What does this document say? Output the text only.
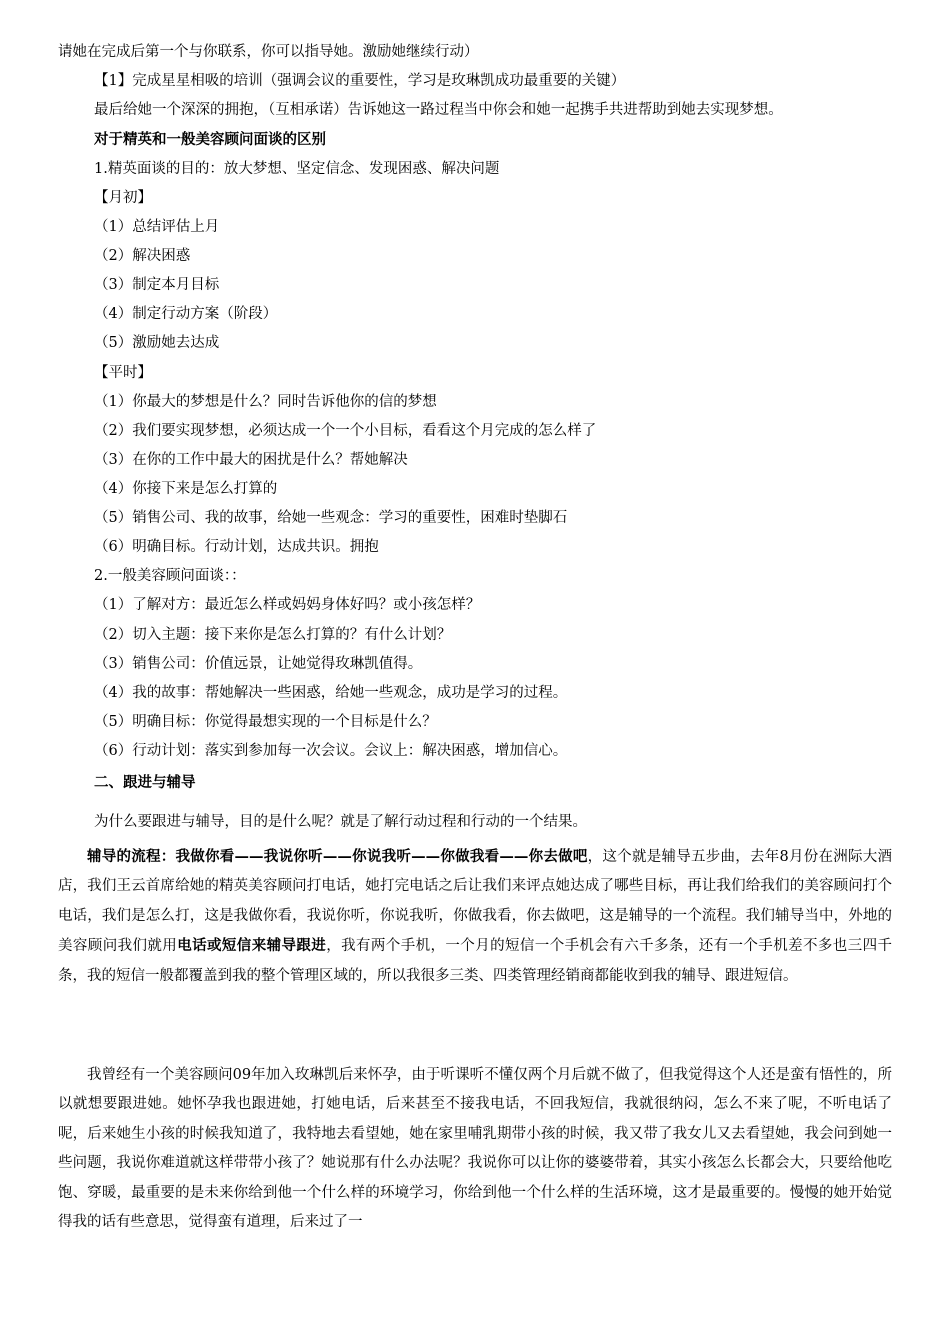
请她在完成后第一个与你联系，你可以指导她。激励她继续行动）
【1】完成星星相吸的培训（强调会议的重要性，学习是玫琳凯成功最重要的关键）
最后给她一个深深的拥抱，（互相承诺）告诉她这一路过程当中你会和她一起携手共进帮助到她去实现梦想。
对于精英和一般美容顾问面谈的区别
1.精英面谈的目的：放大梦想、坚定信念、发现困惑、解决问题
【月初】
（1）总结评估上月
（2）解决困惑
（3）制定本月目标
（4）制定行动方案（阶段）
（5）激励她去达成
【平时】
（1）你最大的梦想是什么？同时告诉他你的信的梦想
（2）我们要实现梦想，必须达成一个一个小目标，看看这个月完成的怎么样了
（3）在你的工作中最大的困扰是什么？帮她解决
（4）你接下来是怎么打算的
（5）销售公司、我的故事，给她一些观念：学习的重要性，困难时垫脚石
（6）明确目标。行动计划，达成共识。拥抱
2.一般美容顾问面谈：：
（1）了解对方：最近怎么样或妈妈身体好吗？或小孩怎样？
（2）切入主题：接下来你是怎么打算的？有什么计划？
（3）销售公司：价值远景，让她觉得玫琳凯值得。
（4）我的故事：帮她解决一些困惑，给她一些观念，成功是学习的过程。
（5）明确目标：你觉得最想实现的一个目标是什么？
（6）行动计划：落实到参加每一次会议。会议上：解决困惑，增加信心。
二、跟进与辅导
为什么要跟进与辅导，目的是什么呢？就是了解行动过程和行动的一个结果。

辅导的流程：我做你看——我说你听——你说我听——你做我看——你去做吧，这个就是辅导五步曲，去年8月份在洲际大酒店，我们王云首席给她的精英美容顾问打电话，她打完电话之后让我们来评点她达成了哪些目标，再让我们给我们的美容顾问打个电话，我们是怎么打，这是我做你看，我说你听，你说我听，你做我看，你去做吧，这是辅导的一个流程。我们辅导当中，外地的美容顾问我们就用电话或短信来辅导跟进，我有两个手机，一个月的短信一个手机会有六千多条，还有一个手机差不多也三四千条，我的短信一般都覆盖到我的整个管理区域的，所以我很多三类、四类管理经销商都能收到我的辅导、跟进短信。

我曾经有一个美容顾问09年加入玫琳凯后来怀孕，由于听课听不懂仅两个月后就不做了，但我觉得这个人还是蛮有悟性的，所以就想要跟进她。她怀孕我也跟进她，打她电话，后来甚至不接我电话，不回我短信，我就很纳闷，怎么不来了呢，不听电话了呢，后来她生小孩的时候我知道了，我特地去看望她，她在家里哺乳期带小孩的时候，我又带了我女儿又去看望她，我会问到她一些问题，我说你难道就这样带带小孩了？她说那有什么办法呢？我说你可以让你的婆婆带着，其实小孩怎么长都会大，只要给他吃饱、穿暖，最重要的是未来你给到他一个什么样的环境学习，你给到他一个什么样的生活环境，这才是最重要的。慢慢的她开始觉得我的话有些意思，觉得蛮有道理，后来过了一
